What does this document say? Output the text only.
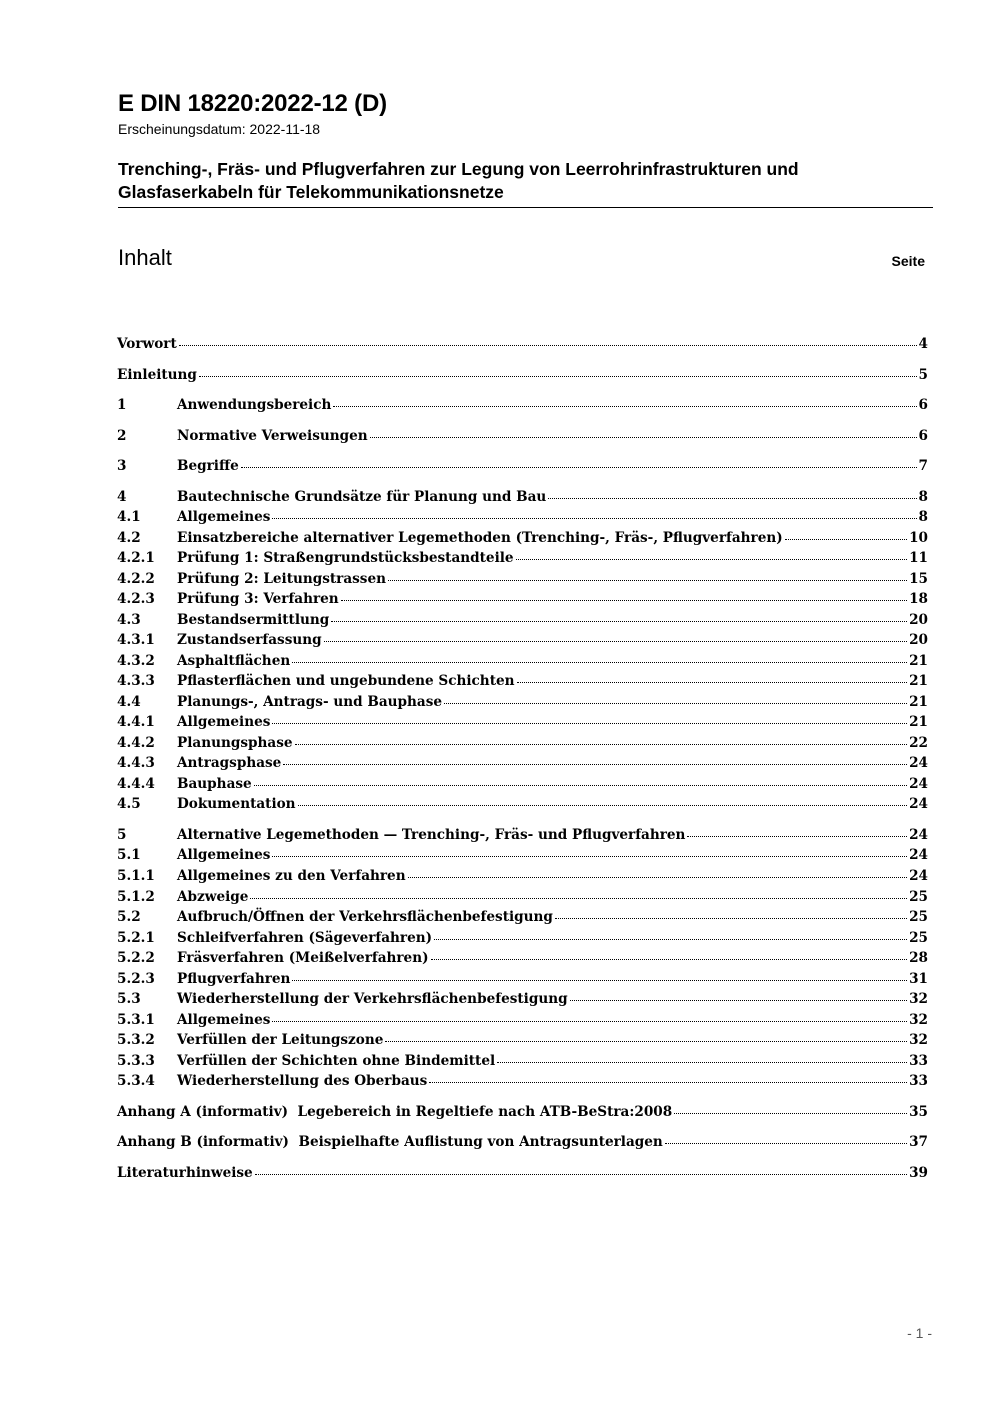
E DIN 18220:2022-12 (D)
Erscheinungsdatum: 2022-11-18
Trenching-, Fräs- und Pflugverfahren zur Legung von Leerrohrinfrastrukturen und
Glasfaserkabeln für Telekommunikationsnetze
Inhalt	Seite
Vorwort	4
Einleitung	5
1	Anwendungsbereich	6
2	Normative Verweisungen	6
3	Begriffe	7
4	Bautechnische Grundsätze für Planung und Bau	8
4.1	Allgemeines	8
4.2	Einsatzbereiche alternativer Legemethoden (Trenching-, Fräs-, Pflugverfahren)	10
4.2.1	Prüfung 1: Straßengrundstücksbestandteile	11
4.2.2	Prüfung 2: Leitungstrassen	15
4.2.3	Prüfung 3: Verfahren	18
4.3	Bestandsermittlung	20
4.3.1	Zustandserfassung	20
4.3.2	Asphaltflächen	21
4.3.3	Pflasterflächen und ungebundene Schichten	21
4.4	Planungs-, Antrags- und Bauphase	21
4.4.1	Allgemeines	21
4.4.2	Planungsphase	22
4.4.3	Antragsphase	24
4.4.4	Bauphase	24
4.5	Dokumentation	24
5	Alternative Legemethoden — Trenching-, Fräs- und Pflugverfahren	24
5.1	Allgemeines	24
5.1.1	Allgemeines zu den Verfahren	24
5.1.2	Abzweige	25
5.2	Aufbruch/Öffnen der Verkehrsflächenbefestigung	25
5.2.1	Schleifverfahren (Sägeverfahren)	25
5.2.2	Fräsverfahren (Meißelverfahren)	28
5.2.3	Pflugverfahren	31
5.3	Wiederherstellung der Verkehrsflächenbefestigung	32
5.3.1	Allgemeines	32
5.3.2	Verfüllen der Leitungszone	32
5.3.3	Verfüllen der Schichten ohne Bindemittel	33
5.3.4	Wiederherstellung des Oberbaus	33
Anhang A (informativ)  Legebereich in Regeltiefe nach ATB-BeStra:2008	35
Anhang B (informativ)  Beispielhafte Auflistung von Antragsunterlagen	37
Literaturhinweise	39
- 1 -
